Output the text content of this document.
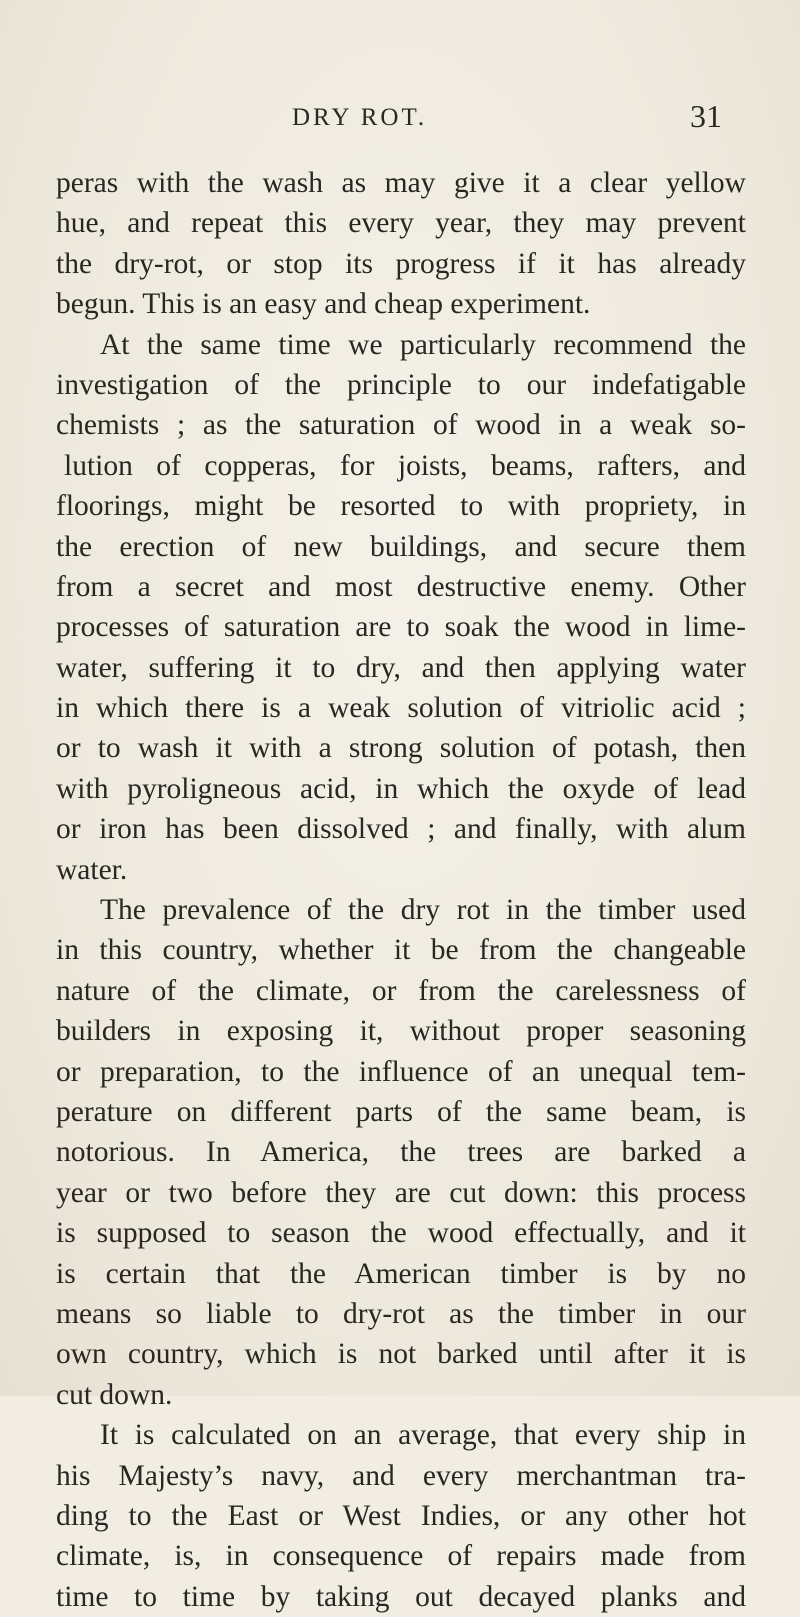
DRY ROT.	31
peras with the wash as may give it a clear yellow
hue, and repeat this every year, they may prevent
the dry-rot, or stop its progress if it has already
begun. This is an easy and cheap experiment.
At the same time we particularly recommend the
investigation of the principle to our indefatigable
chemists ; as the saturation of wood in a weak so-
lution of copperas, for joists, beams, rafters, and
floorings, might be resorted to with propriety, in
the erection of new buildings, and secure them
from a secret and most destructive enemy. Other
processes of saturation are to soak the wood in lime-
water, suffering it to dry, and then applying water
in which there is a weak solution of vitriolic acid ;
or to wash it with a strong solution of potash, then
with pyroligneous acid, in which the oxyde of lead
or iron has been dissolved ; and finally, with alum
water.
The prevalence of the dry rot in the timber used
in this country, whether it be from the changeable
nature of the climate, or from the carelessness of
builders in exposing it, without proper seasoning
or preparation, to the influence of an unequal tem-
perature on different parts of the same beam, is
notorious. In America, the trees are barked a
year or two before they are cut down: this process
is supposed to season the wood effectually, and it
is certain that the American timber is by no
means so liable to dry-rot as the timber in our
own country, which is not barked until after it is
cut down.
It is calculated on an average, that every ship in
his Majesty’s navy, and every merchantman tra-
ding to the East or West Indies, or any other hot
climate, is, in consequence of repairs made from
time to time by taking out decayed planks and
